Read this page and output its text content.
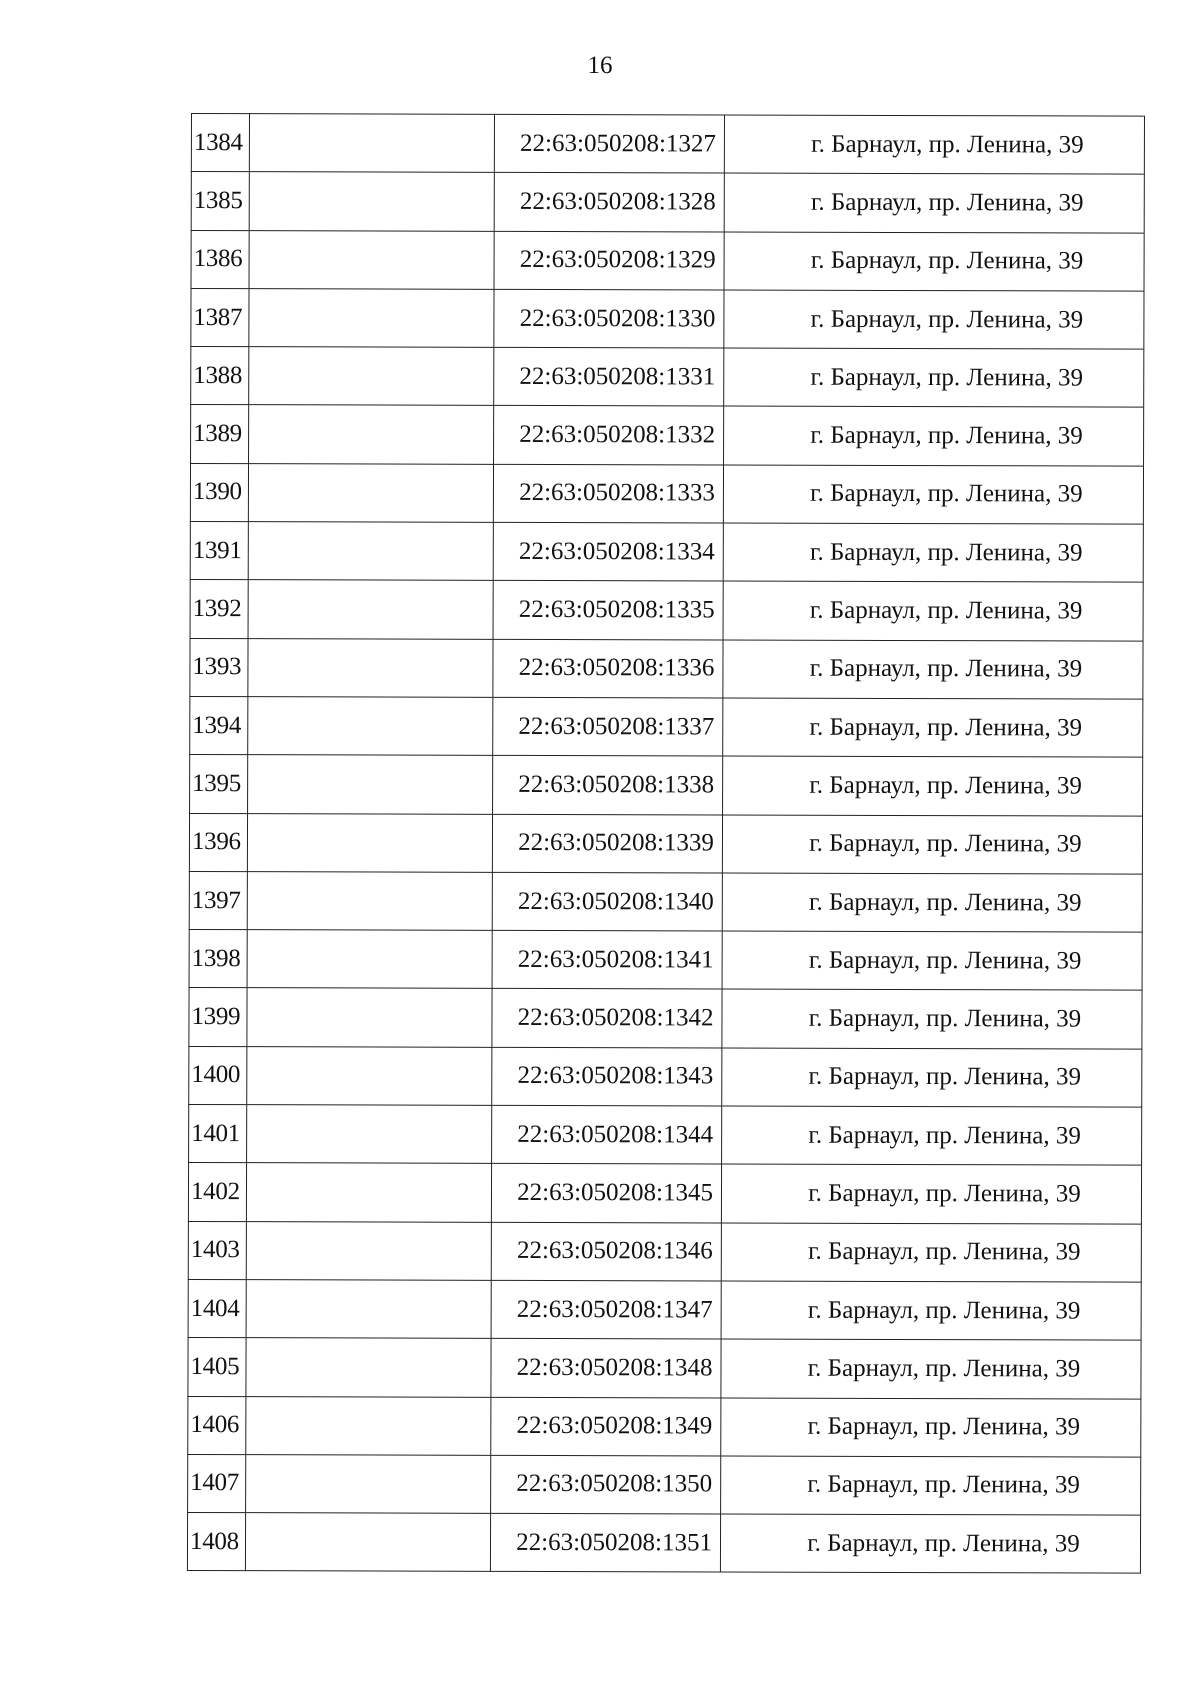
16
1384		22:63:050208:1327	г. Барнаул, пр. Ленина, 39
1385		22:63:050208:1328	г. Барнаул, пр. Ленина, 39
1386		22:63:050208:1329	г. Барнаул, пр. Ленина, 39
1387		22:63:050208:1330	г. Барнаул, пр. Ленина, 39
1388		22:63:050208:1331	г. Барнаул, пр. Ленина, 39
1389		22:63:050208:1332	г. Барнаул, пр. Ленина, 39
1390		22:63:050208:1333	г. Барнаул, пр. Ленина, 39
1391		22:63:050208:1334	г. Барнаул, пр. Ленина, 39
1392		22:63:050208:1335	г. Барнаул, пр. Ленина, 39
1393		22:63:050208:1336	г. Барнаул, пр. Ленина, 39
1394		22:63:050208:1337	г. Барнаул, пр. Ленина, 39
1395		22:63:050208:1338	г. Барнаул, пр. Ленина, 39
1396		22:63:050208:1339	г. Барнаул, пр. Ленина, 39
1397		22:63:050208:1340	г. Барнаул, пр. Ленина, 39
1398		22:63:050208:1341	г. Барнаул, пр. Ленина, 39
1399		22:63:050208:1342	г. Барнаул, пр. Ленина, 39
1400		22:63:050208:1343	г. Барнаул, пр. Ленина, 39
1401		22:63:050208:1344	г. Барнаул, пр. Ленина, 39
1402		22:63:050208:1345	г. Барнаул, пр. Ленина, 39
1403		22:63:050208:1346	г. Барнаул, пр. Ленина, 39
1404		22:63:050208:1347	г. Барнаул, пр. Ленина, 39
1405		22:63:050208:1348	г. Барнаул, пр. Ленина, 39
1406		22:63:050208:1349	г. Барнаул, пр. Ленина, 39
1407		22:63:050208:1350	г. Барнаул, пр. Ленина, 39
1408		22:63:050208:1351	г. Барнаул, пр. Ленина, 39
